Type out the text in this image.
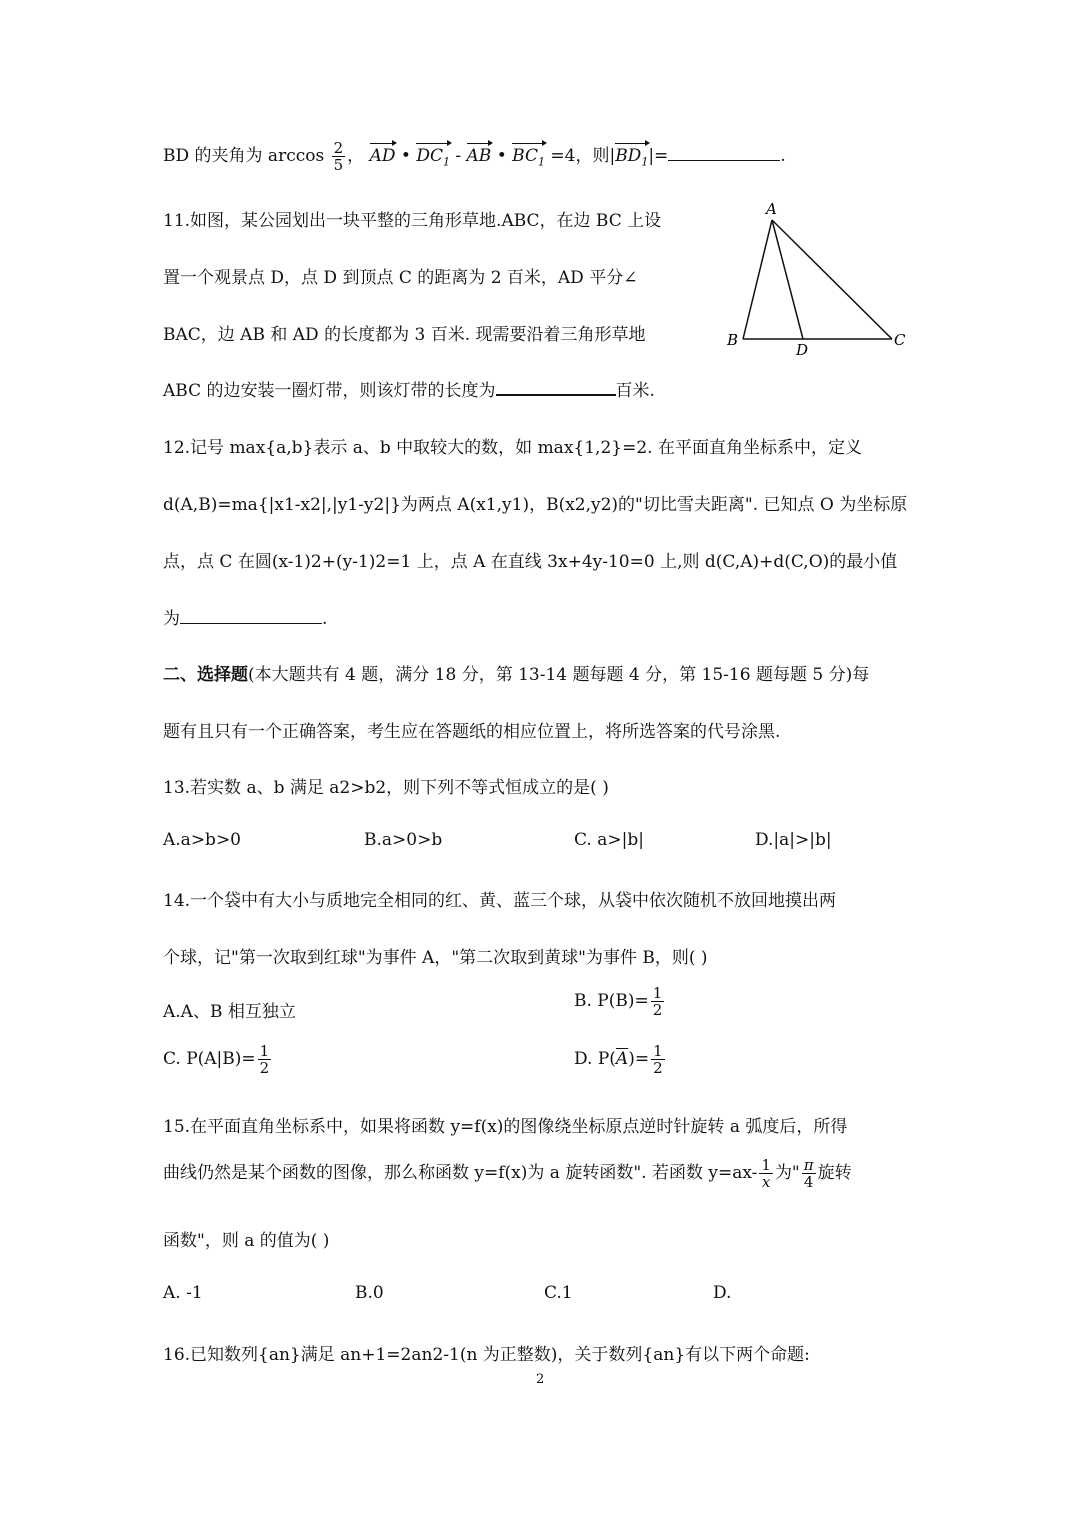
BD 的夹角为 $\arccos \frac{2}{5}$ ， AD • $DC_1$ - AB • $BC_1 =4$，则$|BD_1|=$	.
11.如图，某公园划出一块平整的三角形草地.ABC，在边 BC 上设
置一个观景点 D，点 D 到顶点 C 的距离为 2 百米，AD 平分∠
BAC，边 AB 和 AD 的长度都为 3 百米. 现需要沿着三角形草地
ABC 的边安装一圈灯带，则该灯带的长度为	百米.
A
B	C
D
12.记号 max{a,b}表示 a、b 中取较大的数，如 max{1,2}=2. 在平面直角坐标系中，定义
d(A,B)=ma{|x1-x2|,|y1-y2|}为两点 A(x1,y1)，B(x2,y2)的"切比雪夫距离". 已知点 O 为坐标原
点，点 C 在圆(x-1)2+(y-1)2=1 上，点 A 在直线 3x+4y-10=0 上,则 d(C,A)+d(C,O)的最小值
为	.
二、选择题(本大题共有 4 题，满分 18 分，第 13-14 题每题 4 分，第 15-16 题每题 5 分)每
题有且只有一个正确答案，考生应在答题纸的相应位置上，将所选答案的代号涂黑.
13.若实数 a、b 满足 a2>b2，则下列不等式恒成立的是( )
A.a>b>0	B.a>0>b	C. a>|b|	D.|a|>|b|
14.一个袋中有大小与质地完全相同的红、黄、蓝三个球，从袋中依次随机不放回地摸出两
个球，记"第一次取到红球"为事件 A，"第二次取到黄球"为事件 B，则( )
A.A、B 相互独立
B. $P(B)= \frac{1}{2}$
C. $P(A|B)= \frac{1}{2}$	D. $P(\overline{A})= \frac{1}{2}$
15.在平面直角坐标系中，如果将函数 y=f(x)的图像绕坐标原点逆时针旋转 a 弧度后，所得
曲线仍然是某个函数的图像，那么称函数 y=f(x)为 a 旋转函数". 若函数 $y=ax- \frac{1}{x}$ 为" $\frac{\pi}{4}$ 旋转
函数"，则 a 的值为( )
A. -1	B.0	C.1	D.
16.已知数列{an}满足 an+1=2an2-1(n 为正整数)，关于数列{an}有以下两个命题:
2
